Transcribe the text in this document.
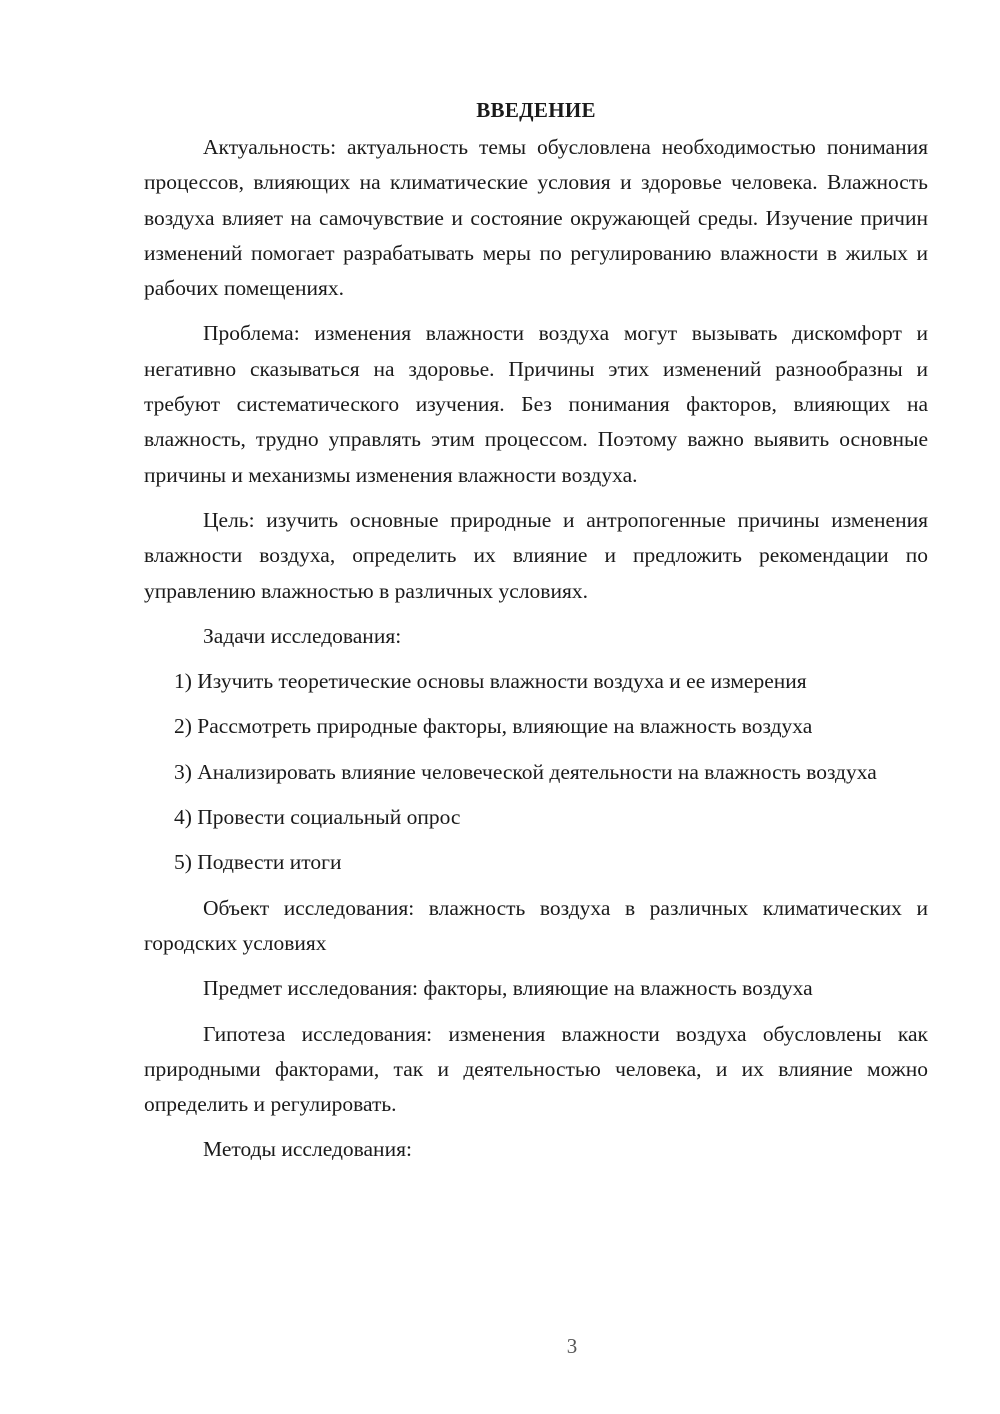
ВВЕДЕНИЕ

Актуальность: актуальность темы обусловлена необходимостью понимания процессов, влияющих на климатические условия и здоровье человека. Влажность воздуха влияет на самочувствие и состояние окружающей среды. Изучение причин изменений помогает разрабатывать меры по регулированию влажности в жилых и рабочих помещениях.

Проблема: изменения влажности воздуха могут вызывать дискомфорт и негативно сказываться на здоровье. Причины этих изменений разнообразны и требуют систематического изучения. Без понимания факторов, влияющих на влажность, трудно управлять этим процессом. Поэтому важно выявить основные причины и механизмы изменения влажности воздуха.

Цель: изучить основные природные и антропогенные причины изменения влажности воздуха, определить их влияние и предложить рекомендации по управлению влажностью в различных условиях.

Задачи исследования:

1) Изучить теоретические основы влажности воздуха и ее измерения

2) Рассмотреть природные факторы, влияющие на влажность воздуха

3) Анализировать влияние человеческой деятельности на влажность воздуха

4) Провести социальный опрос

5) Подвести итоги

Объект исследования: влажность воздуха в различных климатических и городских условиях

Предмет исследования: факторы, влияющие на влажность воздуха

Гипотеза исследования: изменения влажности воздуха обусловлены как природными факторами, так и деятельностью человека, и их влияние можно определить и регулировать.

Методы исследования:

3
